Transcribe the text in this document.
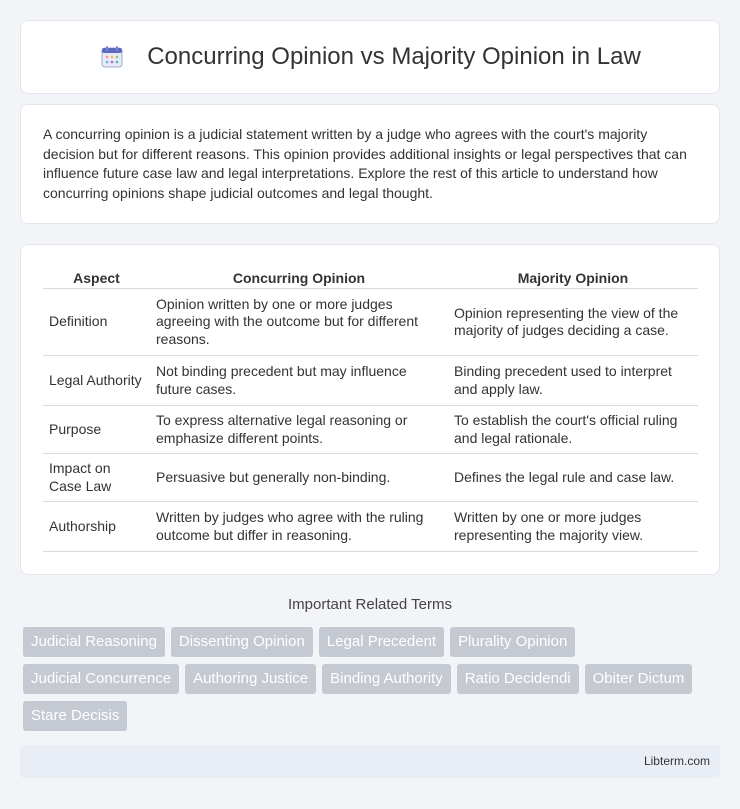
Concurring Opinion vs Majority Opinion in Law

A concurring opinion is a judicial statement written by a judge who agrees with the court's majority decision but for different reasons. This opinion provides additional insights or legal perspectives that can influence future case law and legal interpretations. Explore the rest of this article to understand how concurring opinions shape judicial outcomes and legal thought.

Aspect	Concurring Opinion	Majority Opinion
Definition	Opinion written by one or more judges agreeing with the outcome but for different reasons.	Opinion representing the view of the majority of judges deciding a case.
Legal Authority	Not binding precedent but may influence future cases.	Binding precedent used to interpret and apply law.
Purpose	To express alternative legal reasoning or emphasize different points.	To establish the court's official ruling and legal rationale.
Impact on Case Law	Persuasive but generally non-binding.	Defines the legal rule and case law.
Authorship	Written by judges who agree with the ruling outcome but differ in reasoning.	Written by one or more judges representing the majority view.
Important Related Terms
Judicial Reasoning	Dissenting Opinion	Legal Precedent	Plurality Opinion
Judicial Concurrence	Authoring Justice	Binding Authority	Ratio Decidendi	Obiter Dictum
Stare Decisis
Libterm.com
